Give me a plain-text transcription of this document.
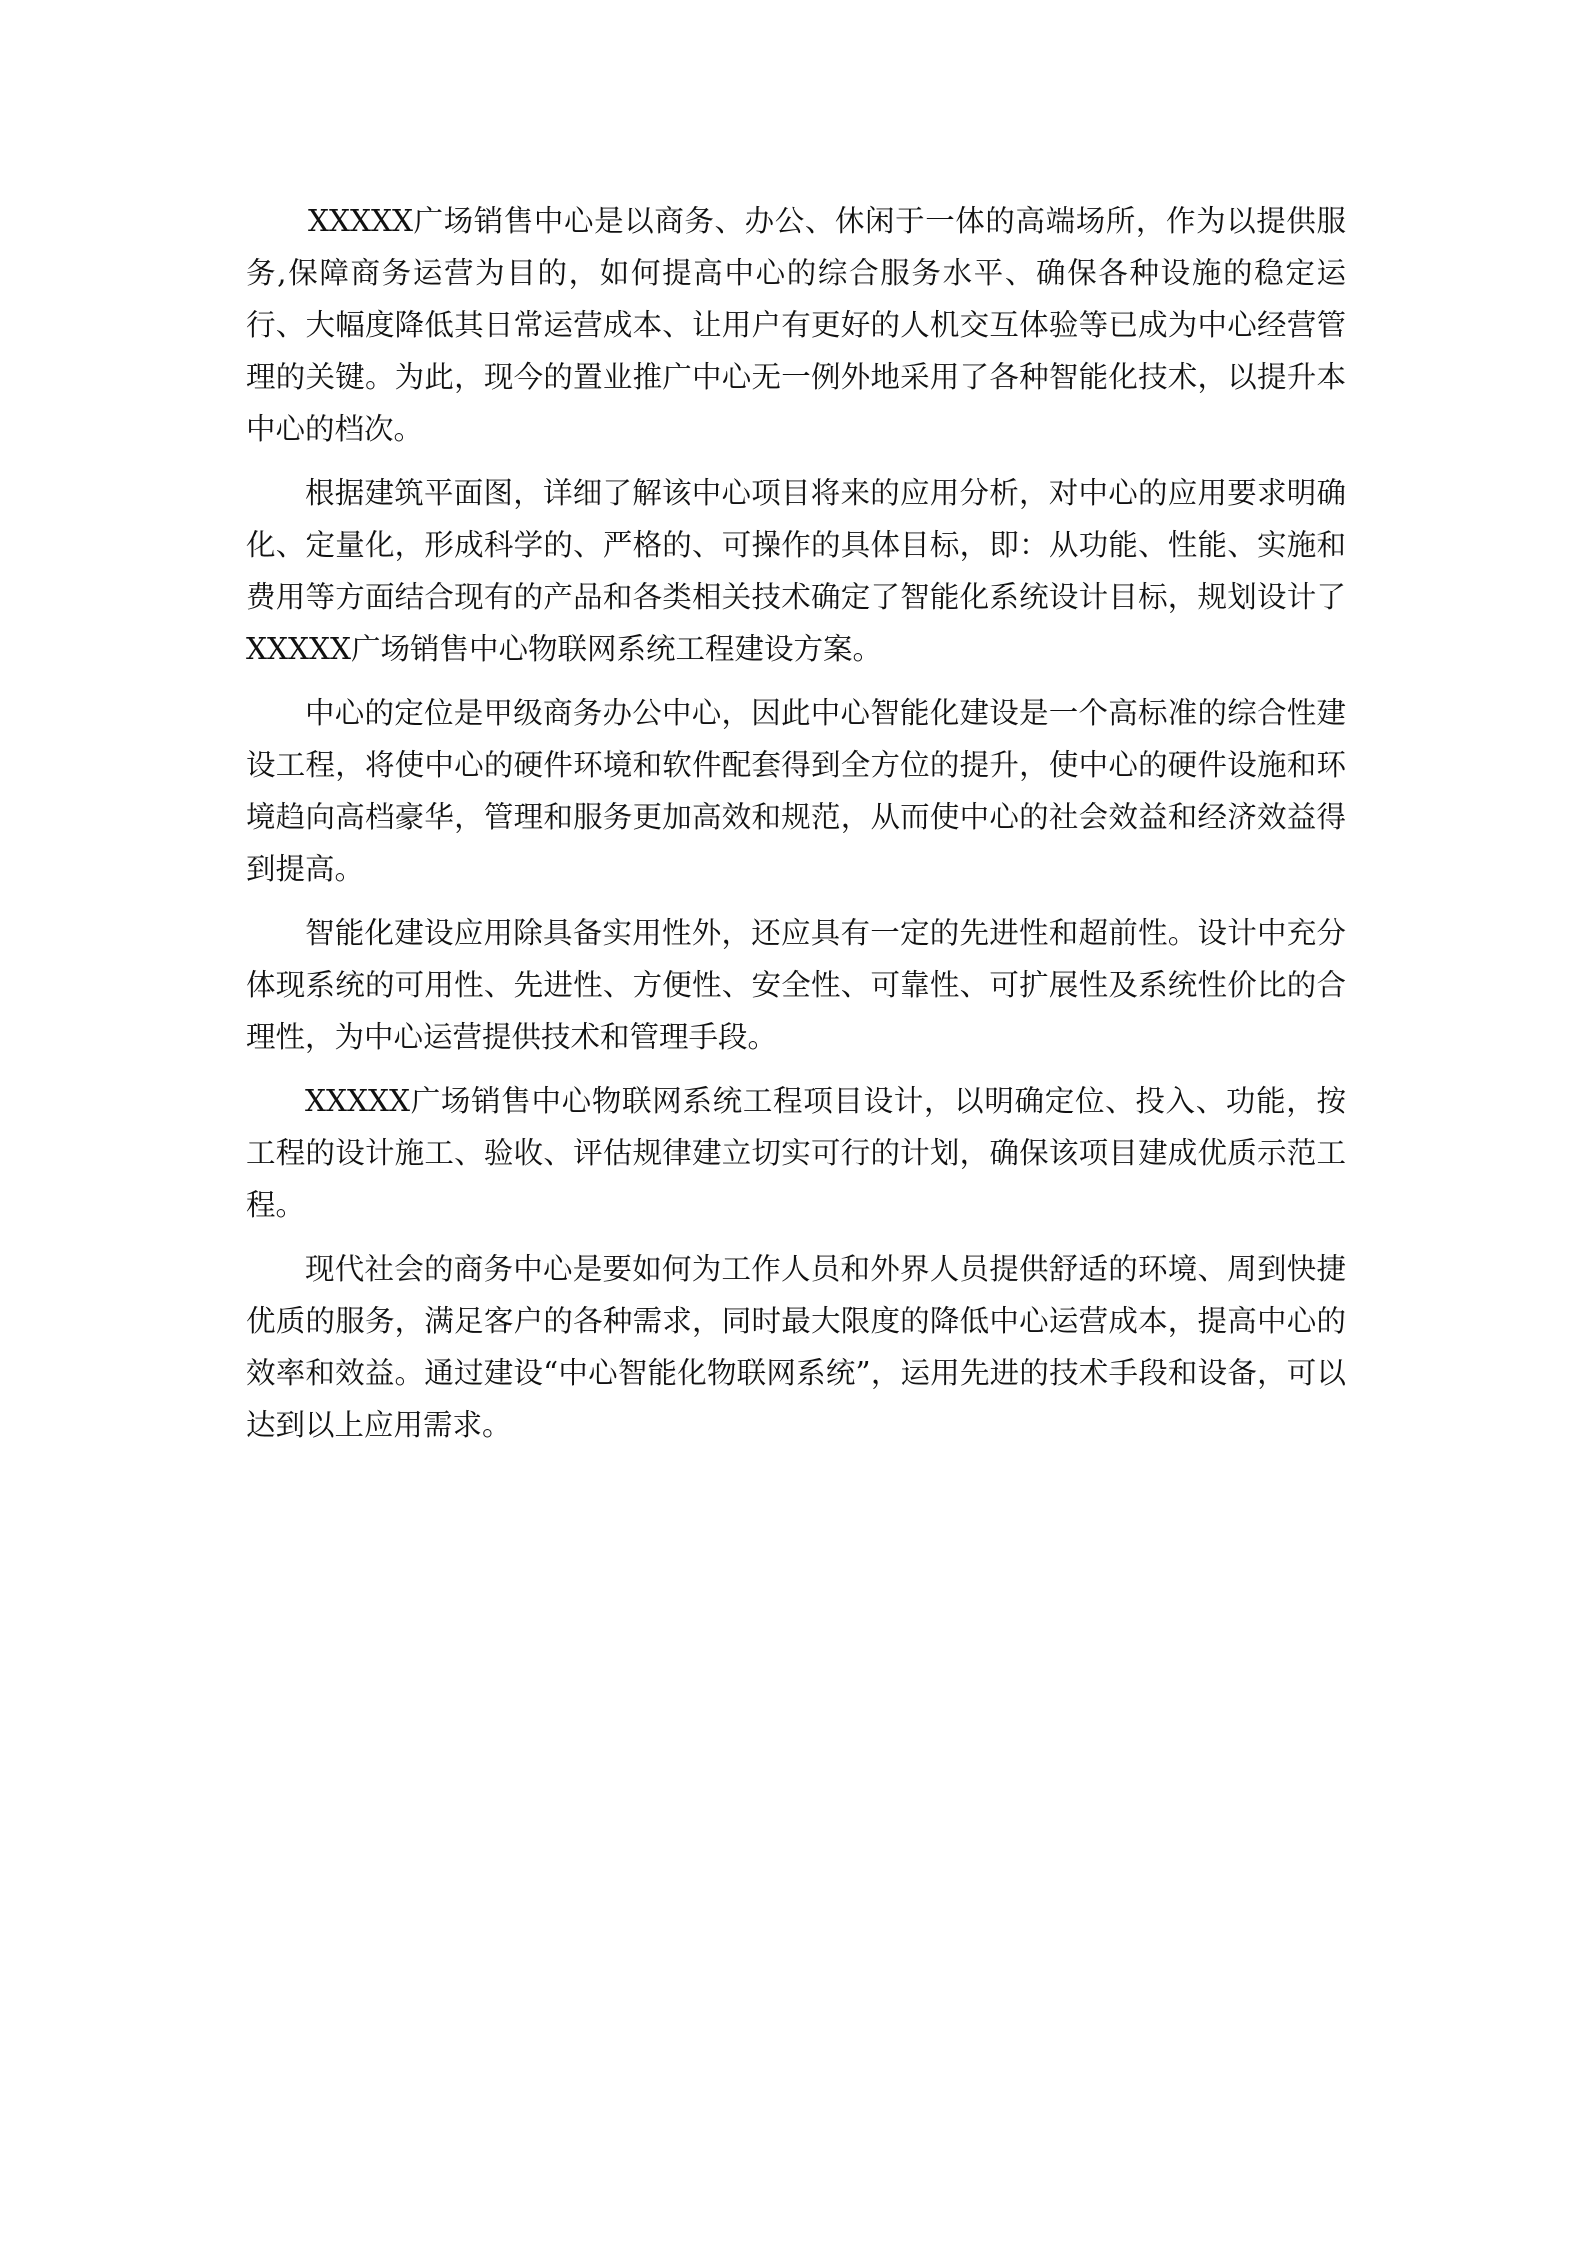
XXXXX广场销售中心是以商务、办公、休闲于一体的高端场所，作为以提供服务,保障商务运营为目的，如何提高中心的综合服务水平、确保各种设施的稳定运行、大幅度降低其日常运营成本、让用户有更好的人机交互体验等已成为中心经营管理的关键。为此，现今的置业推广中心无一例外地采用了各种智能化技术，以提升本中心的档次。

根据建筑平面图，详细了解该中心项目将来的应用分析，对中心的应用要求明确化、定量化，形成科学的、严格的、可操作的具体目标，即：从功能、性能、实施和费用等方面结合现有的产品和各类相关技术确定了智能化系统设计目标，规划设计了 XXXXX广场销售中心物联网系统工程建设方案。

中心的定位是甲级商务办公中心，因此中心智能化建设是一个高标准的综合性建设工程，将使中心的硬件环境和软件配套得到全方位的提升，使中心的硬件设施和环境趋向高档豪华，管理和服务更加高效和规范，从而使中心的社会效益和经济效益得到提高。

智能化建设应用除具备实用性外，还应具有一定的先进性和超前性。设计中充分体现系统的可用性、先进性、方便性、安全性、可靠性、可扩展性及系统性价比的合理性，为中心运营提供技术和管理手段。

XXXXX广场销售中心物联网系统工程项目设计，以明确定位、投入、功能，按工程的设计施工、验收、评估规律建立切实可行的计划，确保该项目建成优质示范工程。

现代社会的商务中心是要如何为工作人员和外界人员提供舒适的环境、周到快捷优质的服务，满足客户的各种需求，同时最大限度的降低中心运营成本，提高中心的效率和效益。通过建设“中心智能化物联网系统”，运用先进的技术手段和设备，可以达到以上应用需求。
